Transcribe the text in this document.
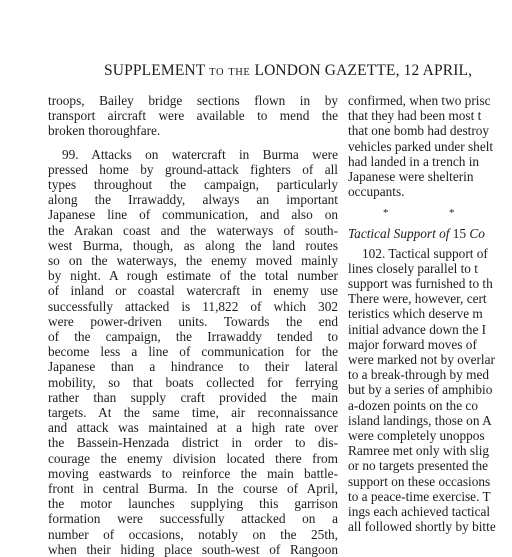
SUPPLEMENT TO THE LONDON GAZETTE, 12 APRIL,
troops, Bailey bridge sections flown in by
transport aircraft were available to mend the
broken thoroughfare.
99. Attacks on watercraft in Burma were
pressed home by ground-attack fighters of all
types throughout the campaign, particularly
along the Irrawaddy, always an important
Japanese line of communication, and also on
the Arakan coast and the waterways of south-
west Burma, though, as along the land routes
so on the waterways, the enemy moved mainly
by night. A rough estimate of the total number
of inland or coastal watercraft in enemy use
successfully attacked is 11,822 of which 302
were power-driven units. Towards the end
of the campaign, the Irrawaddy tended to
become less a line of communication for the
Japanese than a hindrance to their lateral
mobility, so that boats collected for ferrying
rather than supply craft provided the main
targets. At the same time, air reconnaissance
and attack was maintained at a high rate over
the Bassein-Henzada district in order to dis-
courage the enemy division located there from
moving eastwards to reinforce the main battle-
front in central Burma. In the course of April,
the motor launches supplying this garrison
formation were successfully attacked on a
number of occasions, notably on the 25th,
when their hiding place south-west of Rangoon
confirmed, when two prisc
that they had been most t
that one bomb had destroy
vehicles parked under shelt
had landed in a trench in
Japanese were shelterin
occupants.
*	*
Tactical Support of 15 Co
102. Tactical support of
lines closely parallel to t
support was furnished to th
There were, however, cert
teristics which deserve m
initial advance down the I
major forward moves of
were marked not by overlar
to a break-through by med
but by a series of amphibio
a-dozen points on the co
island landings, those on A
were completely unoppos
Ramree met only with slig
or no targets presented the
support on these occasions
to a peace-time exercise. T
ings each achieved tactical
all followed shortly by bitte
